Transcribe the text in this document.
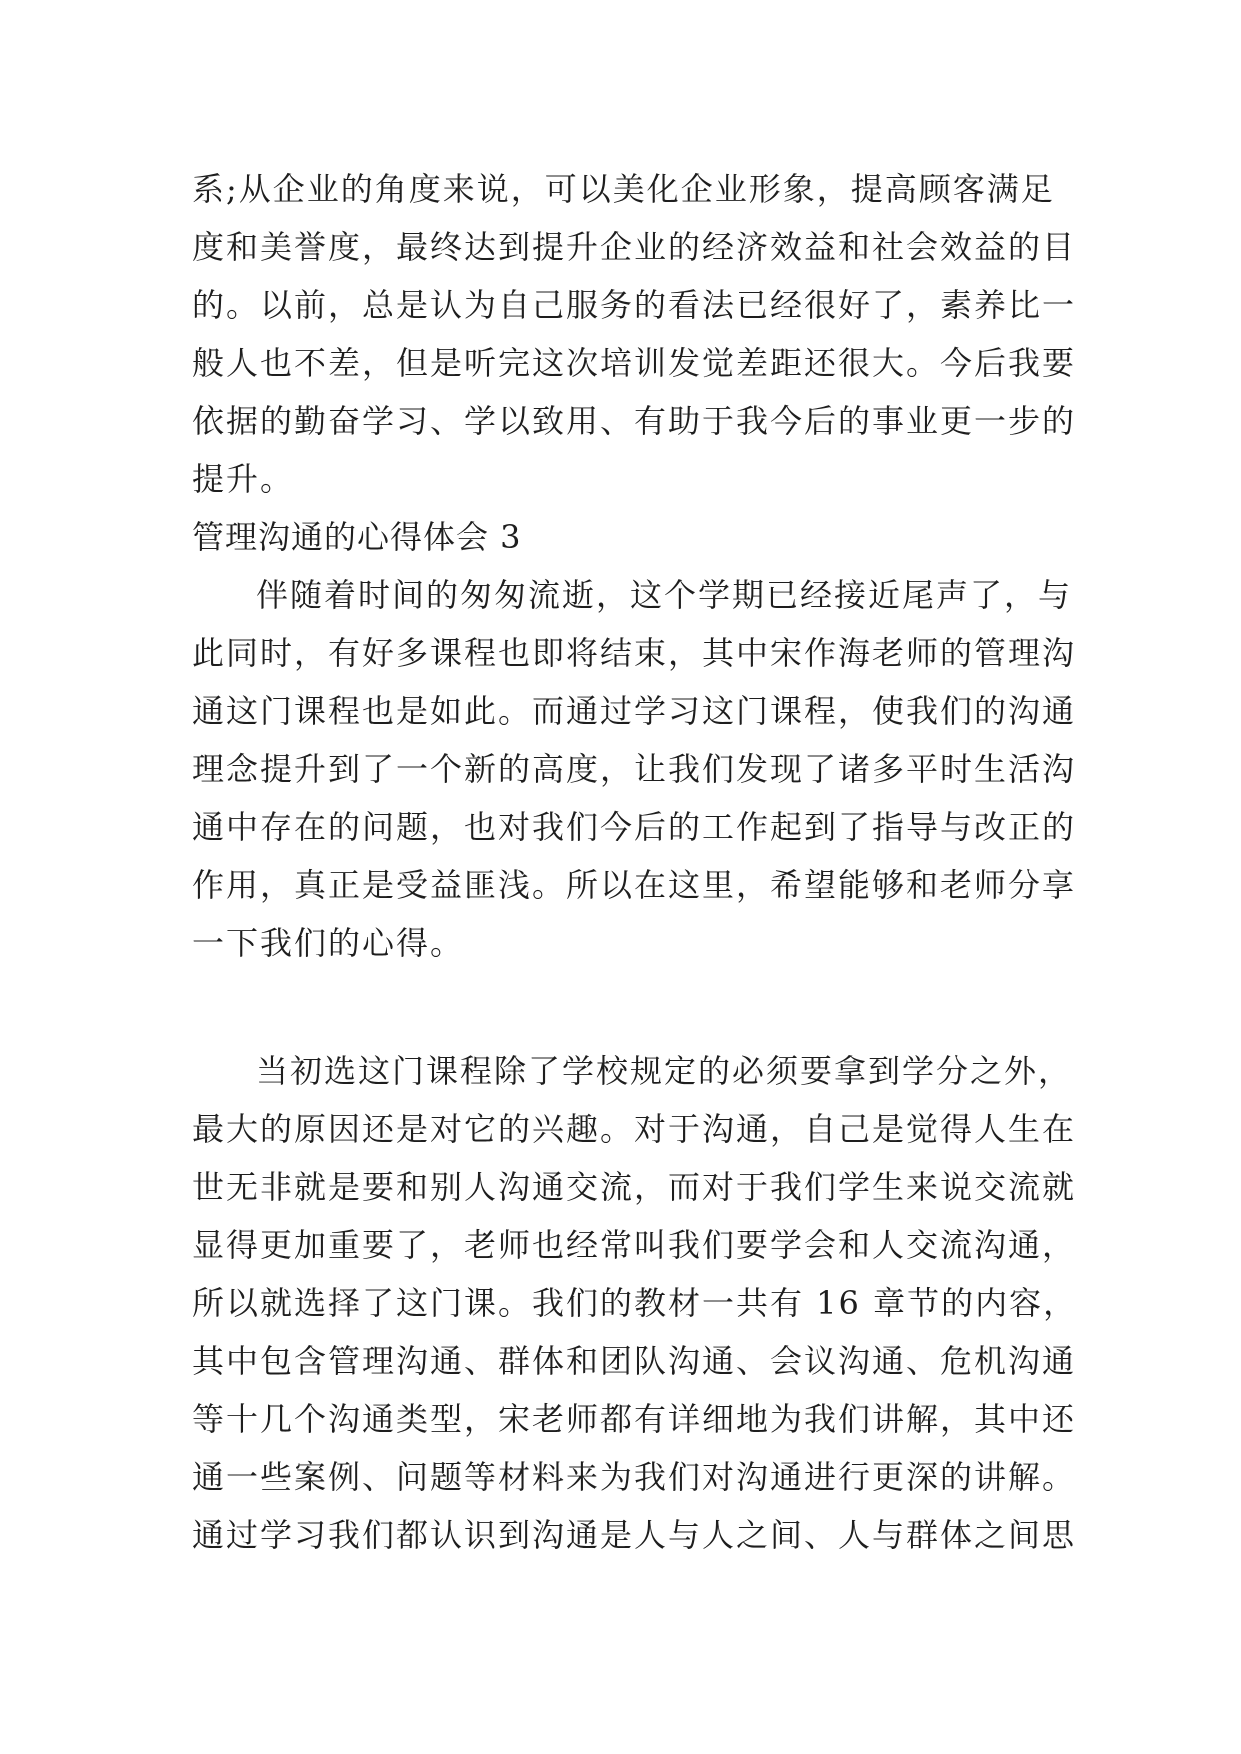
系;从企业的角度来说，可以美化企业形象，提高顾客满足
度和美誉度，最终达到提升企业的经济效益和社会效益的目
的。以前，总是认为自己服务的看法已经很好了，素养比一
般人也不差，但是听完这次培训发觉差距还很大。今后我要
依据的勤奋学习、学以致用、有助于我今后的事业更一步的
提升。
管理沟通的心得体会 3
伴随着时间的匆匆流逝，这个学期已经接近尾声了，与
此同时，有好多课程也即将结束，其中宋作海老师的管理沟
通这门课程也是如此。而通过学习这门课程，使我们的沟通
理念提升到了一个新的高度，让我们发现了诸多平时生活沟
通中存在的问题，也对我们今后的工作起到了指导与改正的
作用，真正是受益匪浅。所以在这里，希望能够和老师分享
一下我们的心得。
当初选这门课程除了学校规定的必须要拿到学分之外，
最大的原因还是对它的兴趣。对于沟通，自己是觉得人生在
世无非就是要和别人沟通交流，而对于我们学生来说交流就
显得更加重要了，老师也经常叫我们要学会和人交流沟通，
所以就选择了这门课。我们的教材一共有 16 章节的内容，
其中包含管理沟通、群体和团队沟通、会议沟通、危机沟通
等十几个沟通类型，宋老师都有详细地为我们讲解，其中还
通一些案例、问题等材料来为我们对沟通进行更深的讲解。
通过学习我们都认识到沟通是人与人之间、人与群体之间思
